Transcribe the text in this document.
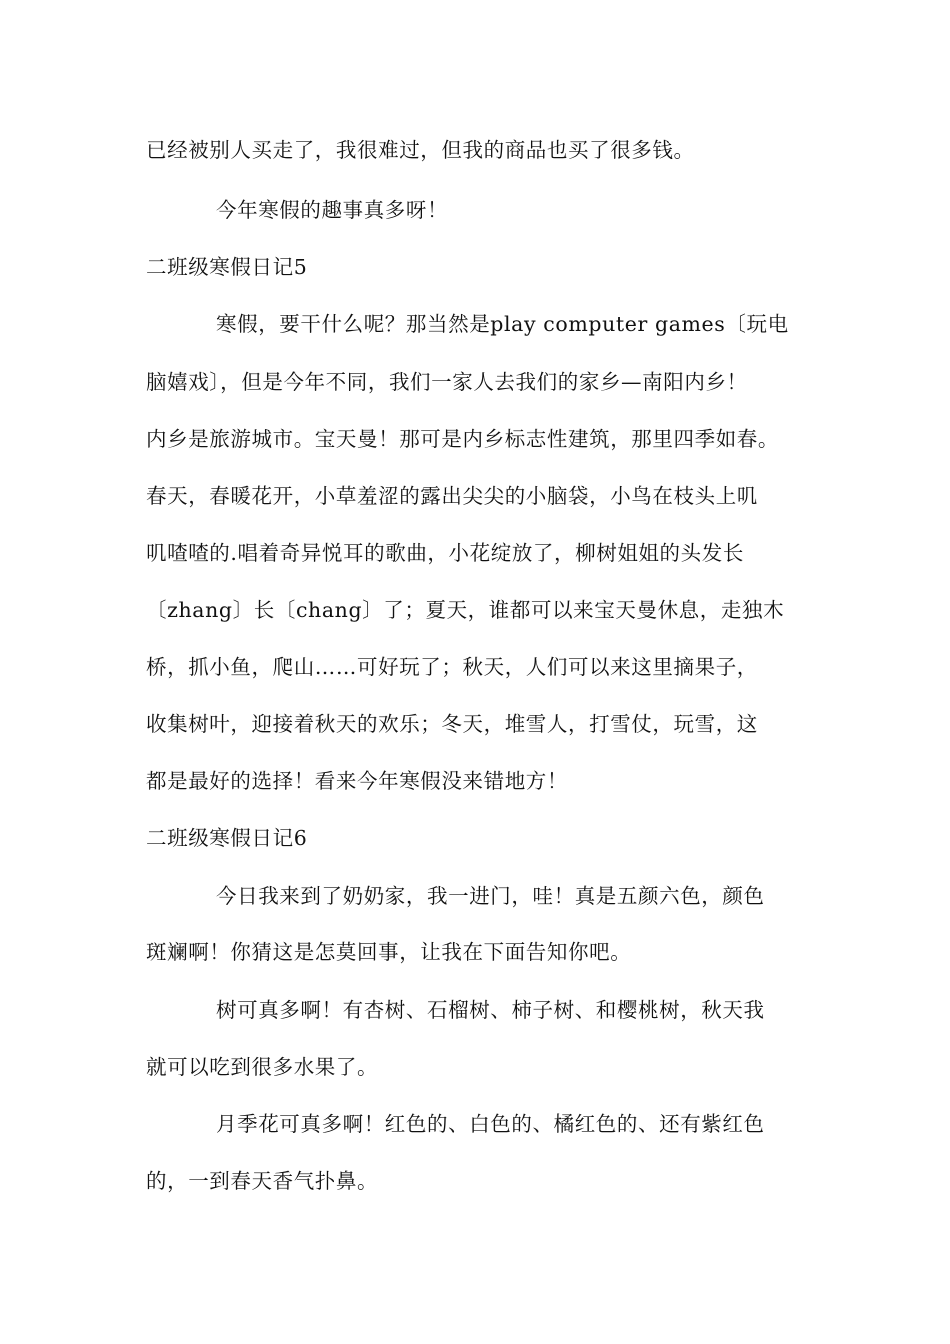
已经被别人买走了，我很难过，但我的商品也买了很多钱。
今年寒假的趣事真多呀！
二班级寒假日记5
寒假，要干什么呢？那当然是play computer games〔玩电
脑嬉戏〕，但是今年不同，我们一家人去我们的家乡—南阳内乡！
内乡是旅游城市。宝天曼！那可是内乡标志性建筑，那里四季如春。
春天，春暖花开，小草羞涩的露出尖尖的小脑袋，小鸟在枝头上叽
叽喳喳的.唱着奇异悦耳的歌曲，小花绽放了，柳树姐姐的头发长
〔zhang〕长〔chang〕了；夏天，谁都可以来宝天曼休息，走独木
桥，抓小鱼，爬山……可好玩了；秋天，人们可以来这里摘果子，
收集树叶，迎接着秋天的欢乐；冬天，堆雪人，打雪仗，玩雪，这
都是最好的选择！看来今年寒假没来错地方！
二班级寒假日记6
今日我来到了奶奶家，我一进门，哇！真是五颜六色，颜色
斑斓啊！你猜这是怎莫回事，让我在下面告知你吧。
树可真多啊！有杏树、石榴树、柿子树、和樱桃树，秋天我
就可以吃到很多水果了。
月季花可真多啊！红色的、白色的、橘红色的、还有紫红色
的，一到春天香气扑鼻。
